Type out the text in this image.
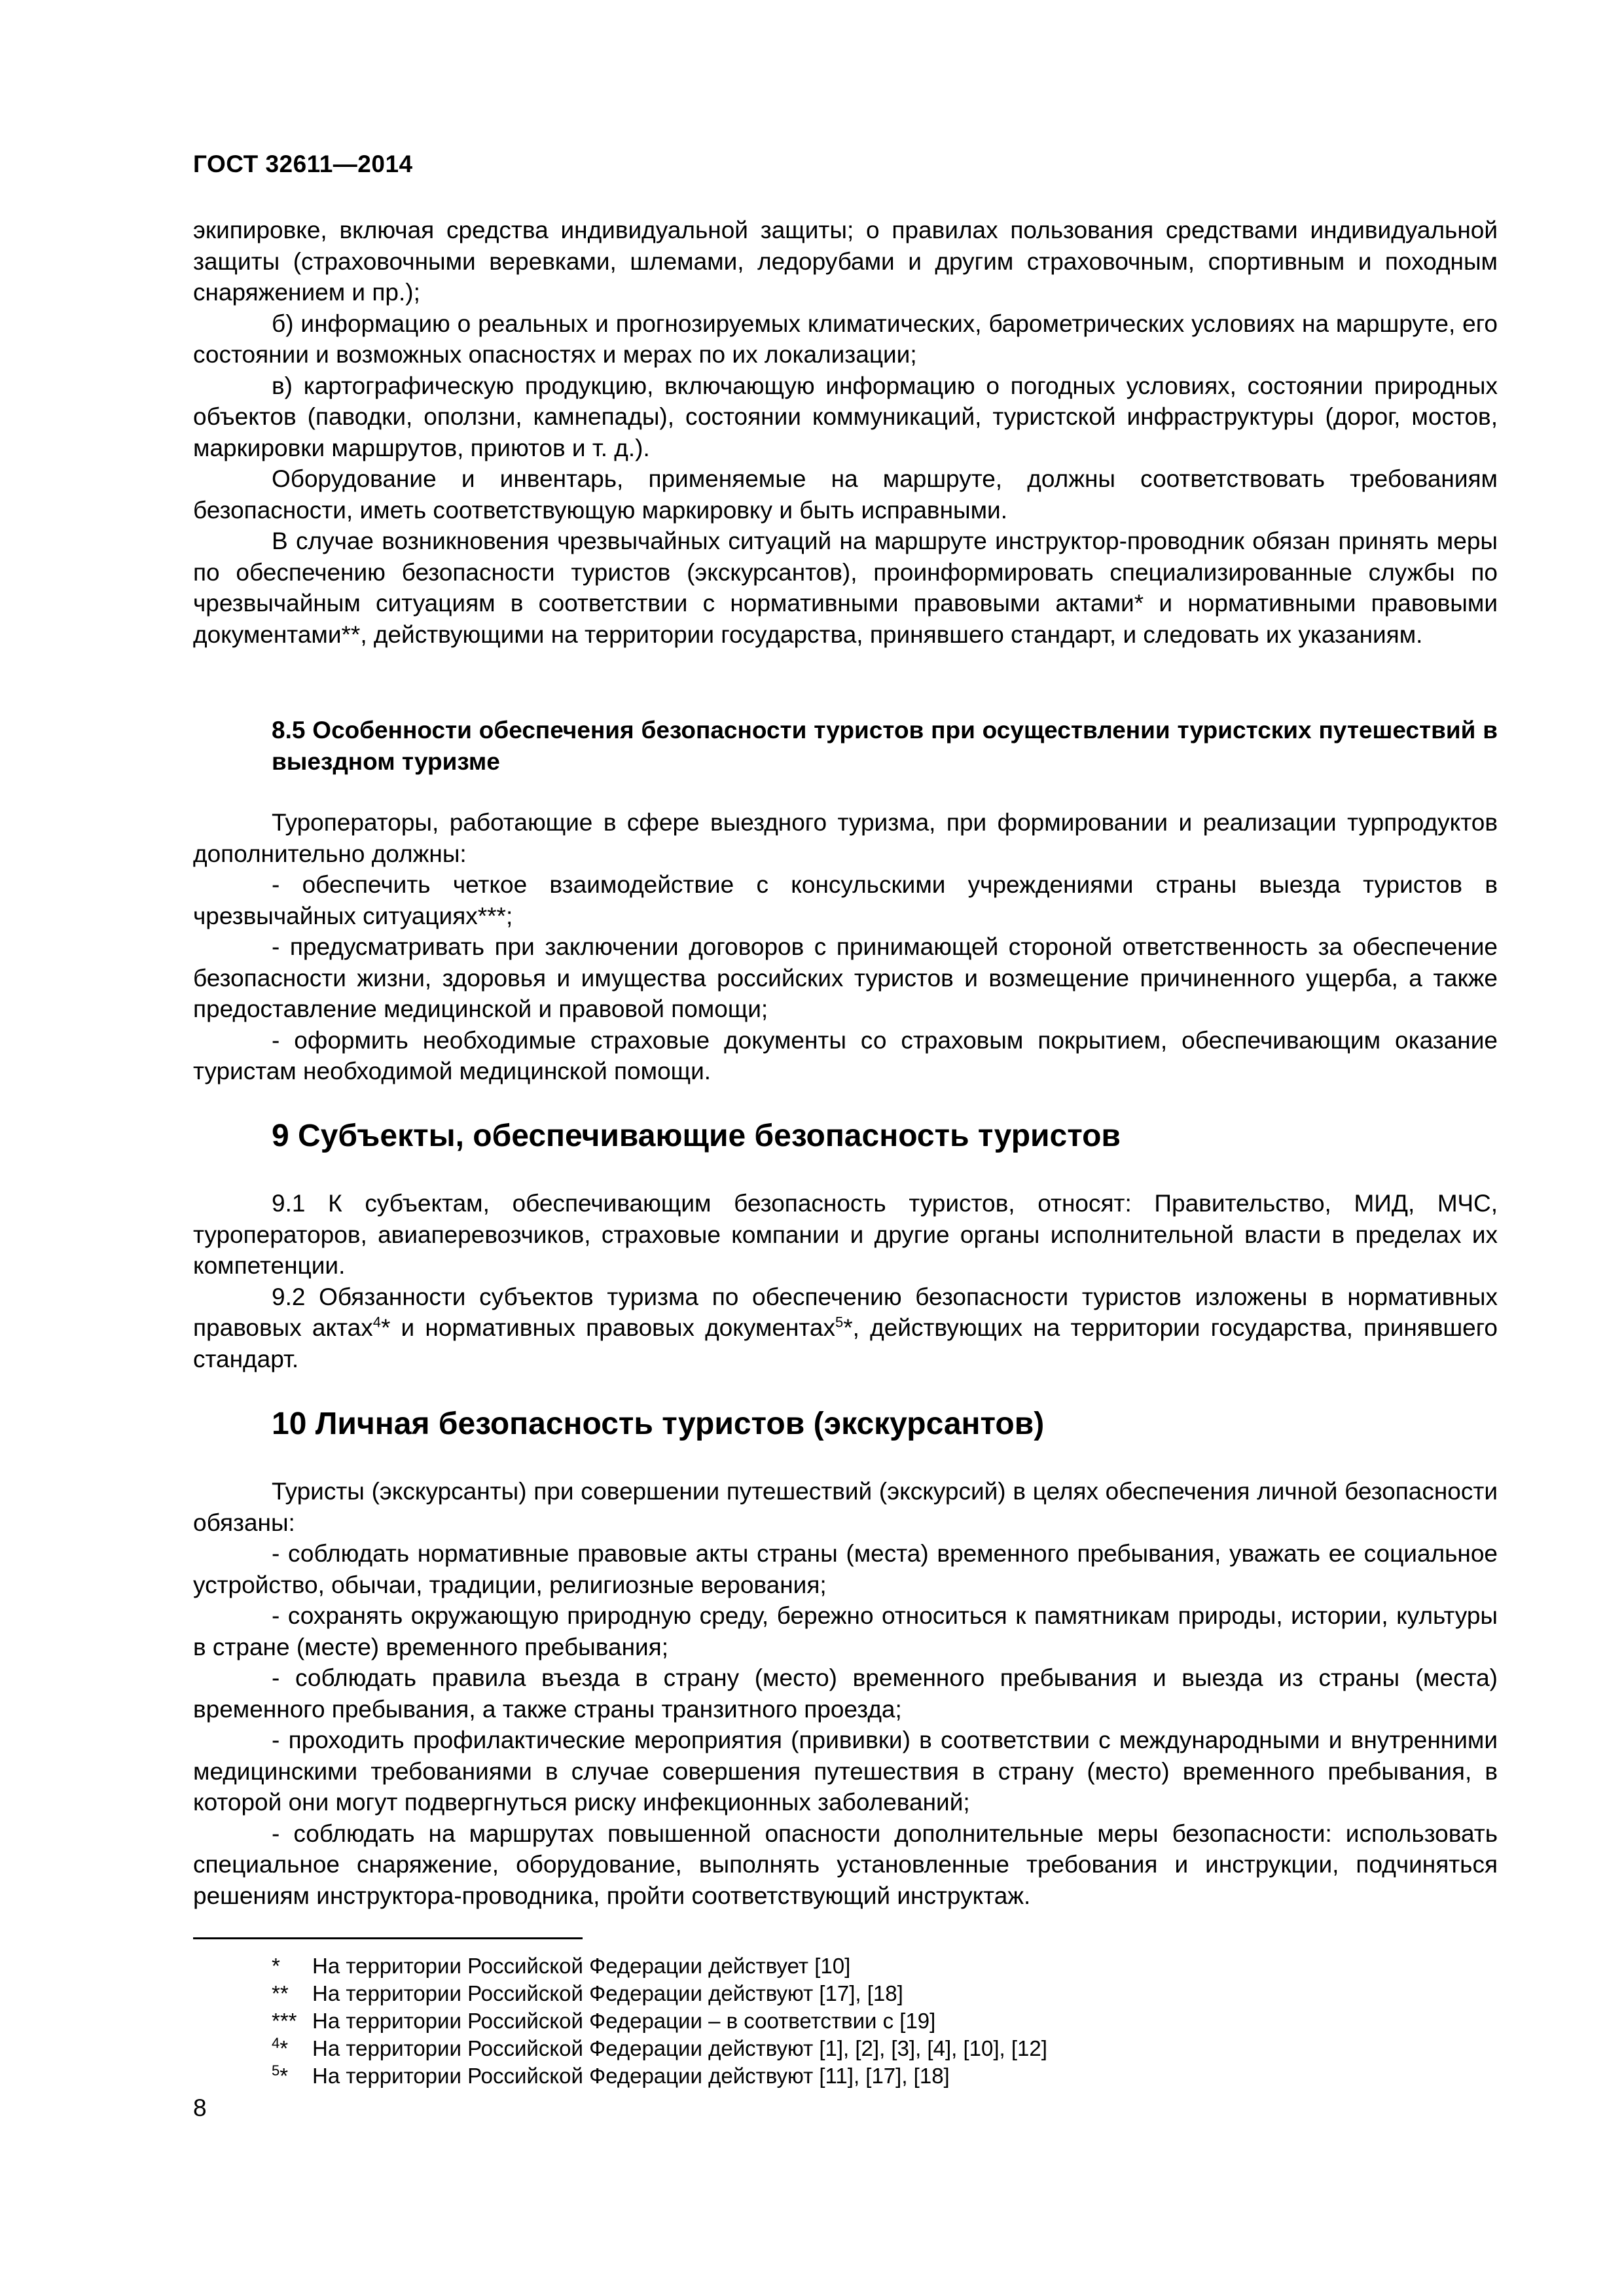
ГОСТ 32611—2014

экипировке, включая средства индивидуальной защиты; о правилах пользования средствами индивидуальной защиты (страховочными веревками, шлемами, ледорубами и другим страховочным, спортивным и походным снаряжением и пр.);

б) информацию о реальных и прогнозируемых климатических, барометрических условиях на маршруте, его состоянии и возможных опасностях и мерах по их локализации;

в) картографическую продукцию, включающую информацию о погодных условиях, состоянии природных объектов (паводки, оползни, камнепады), состоянии коммуникаций, туристской инфраструктуры (дорог, мостов, маркировки маршрутов, приютов и т. д.).

Оборудование и инвентарь, применяемые на маршруте, должны соответствовать требованиям безопасности, иметь соответствующую маркировку и быть исправными.

В случае возникновения чрезвычайных ситуаций на маршруте инструктор-проводник обязан принять меры по обеспечению безопасности туристов (экскурсантов), проинформировать специализированные службы по чрезвычайным ситуациям в соответствии с нормативными правовыми актами* и нормативными правовыми документами**, действующими на территории государства, принявшего стандарт, и следовать их указаниям.

8.5 Особенности обеспечения безопасности туристов при осуществлении туристских путешествий в выездном туризме

Туроператоры, работающие в сфере выездного туризма, при формировании и реализации турпродуктов дополнительно должны:

- обеспечить четкое взаимодействие с консульскими учреждениями страны выезда туристов в чрезвычайных ситуациях***;

- предусматривать при заключении договоров с принимающей стороной ответственность за обеспечение безопасности жизни, здоровья и имущества российских туристов и возмещение причиненного ущерба, а также предоставление медицинской и правовой помощи;

- оформить необходимые страховые документы со страховым покрытием, обеспечивающим оказание туристам необходимой медицинской помощи.

9 Субъекты, обеспечивающие безопасность туристов

9.1 К субъектам, обеспечивающим безопасность туристов, относят: Правительство, МИД, МЧС, туроператоров, авиаперевозчиков, страховые компании и другие органы исполнительной власти в пределах их компетенции.

9.2 Обязанности субъектов туризма по обеспечению безопасности туристов изложены в нормативных правовых актах$^4$* и нормативных правовых документах$^5$*, действующих на территории государства, принявшего стандарт.

10 Личная безопасность туристов (экскурсантов)

Туристы (экскурсанты) при совершении путешествий (экскурсий) в целях обеспечения личной безопасности обязаны:

- соблюдать нормативные правовые акты страны (места) временного пребывания, уважать ее социальное устройство, обычаи, традиции, религиозные верования;

- сохранять окружающую природную среду, бережно относиться к памятникам природы, истории, культуры в стране (месте) временного пребывания;

- соблюдать правила въезда в страну (место) временного пребывания и выезда из страны (места) временного пребывания, а также страны транзитного проезда;

- проходить профилактические мероприятия (прививки) в соответствии с международными и внутренними медицинскими требованиями в случае совершения путешествия в страну (место) временного пребывания, в которой они могут подвергнуться риску инфекционных заболеваний;

- соблюдать на маршрутах повышенной опасности дополнительные меры безопасности: использовать специальное снаряжение, оборудование, выполнять установленные требования и инструкции, подчиняться решениям инструктора-проводника, пройти соответствующий инструктаж.

* На территории Российской Федерации действует [10]
** На территории Российской Федерации действуют [17], [18]
*** На территории Российской Федерации – в соответствии с [19]
$^4$* На территории Российской Федерации действуют [1], [2], [3], [4], [10], [12]
$^5$* На территории Российской Федерации действуют [11], [17], [18]
8
